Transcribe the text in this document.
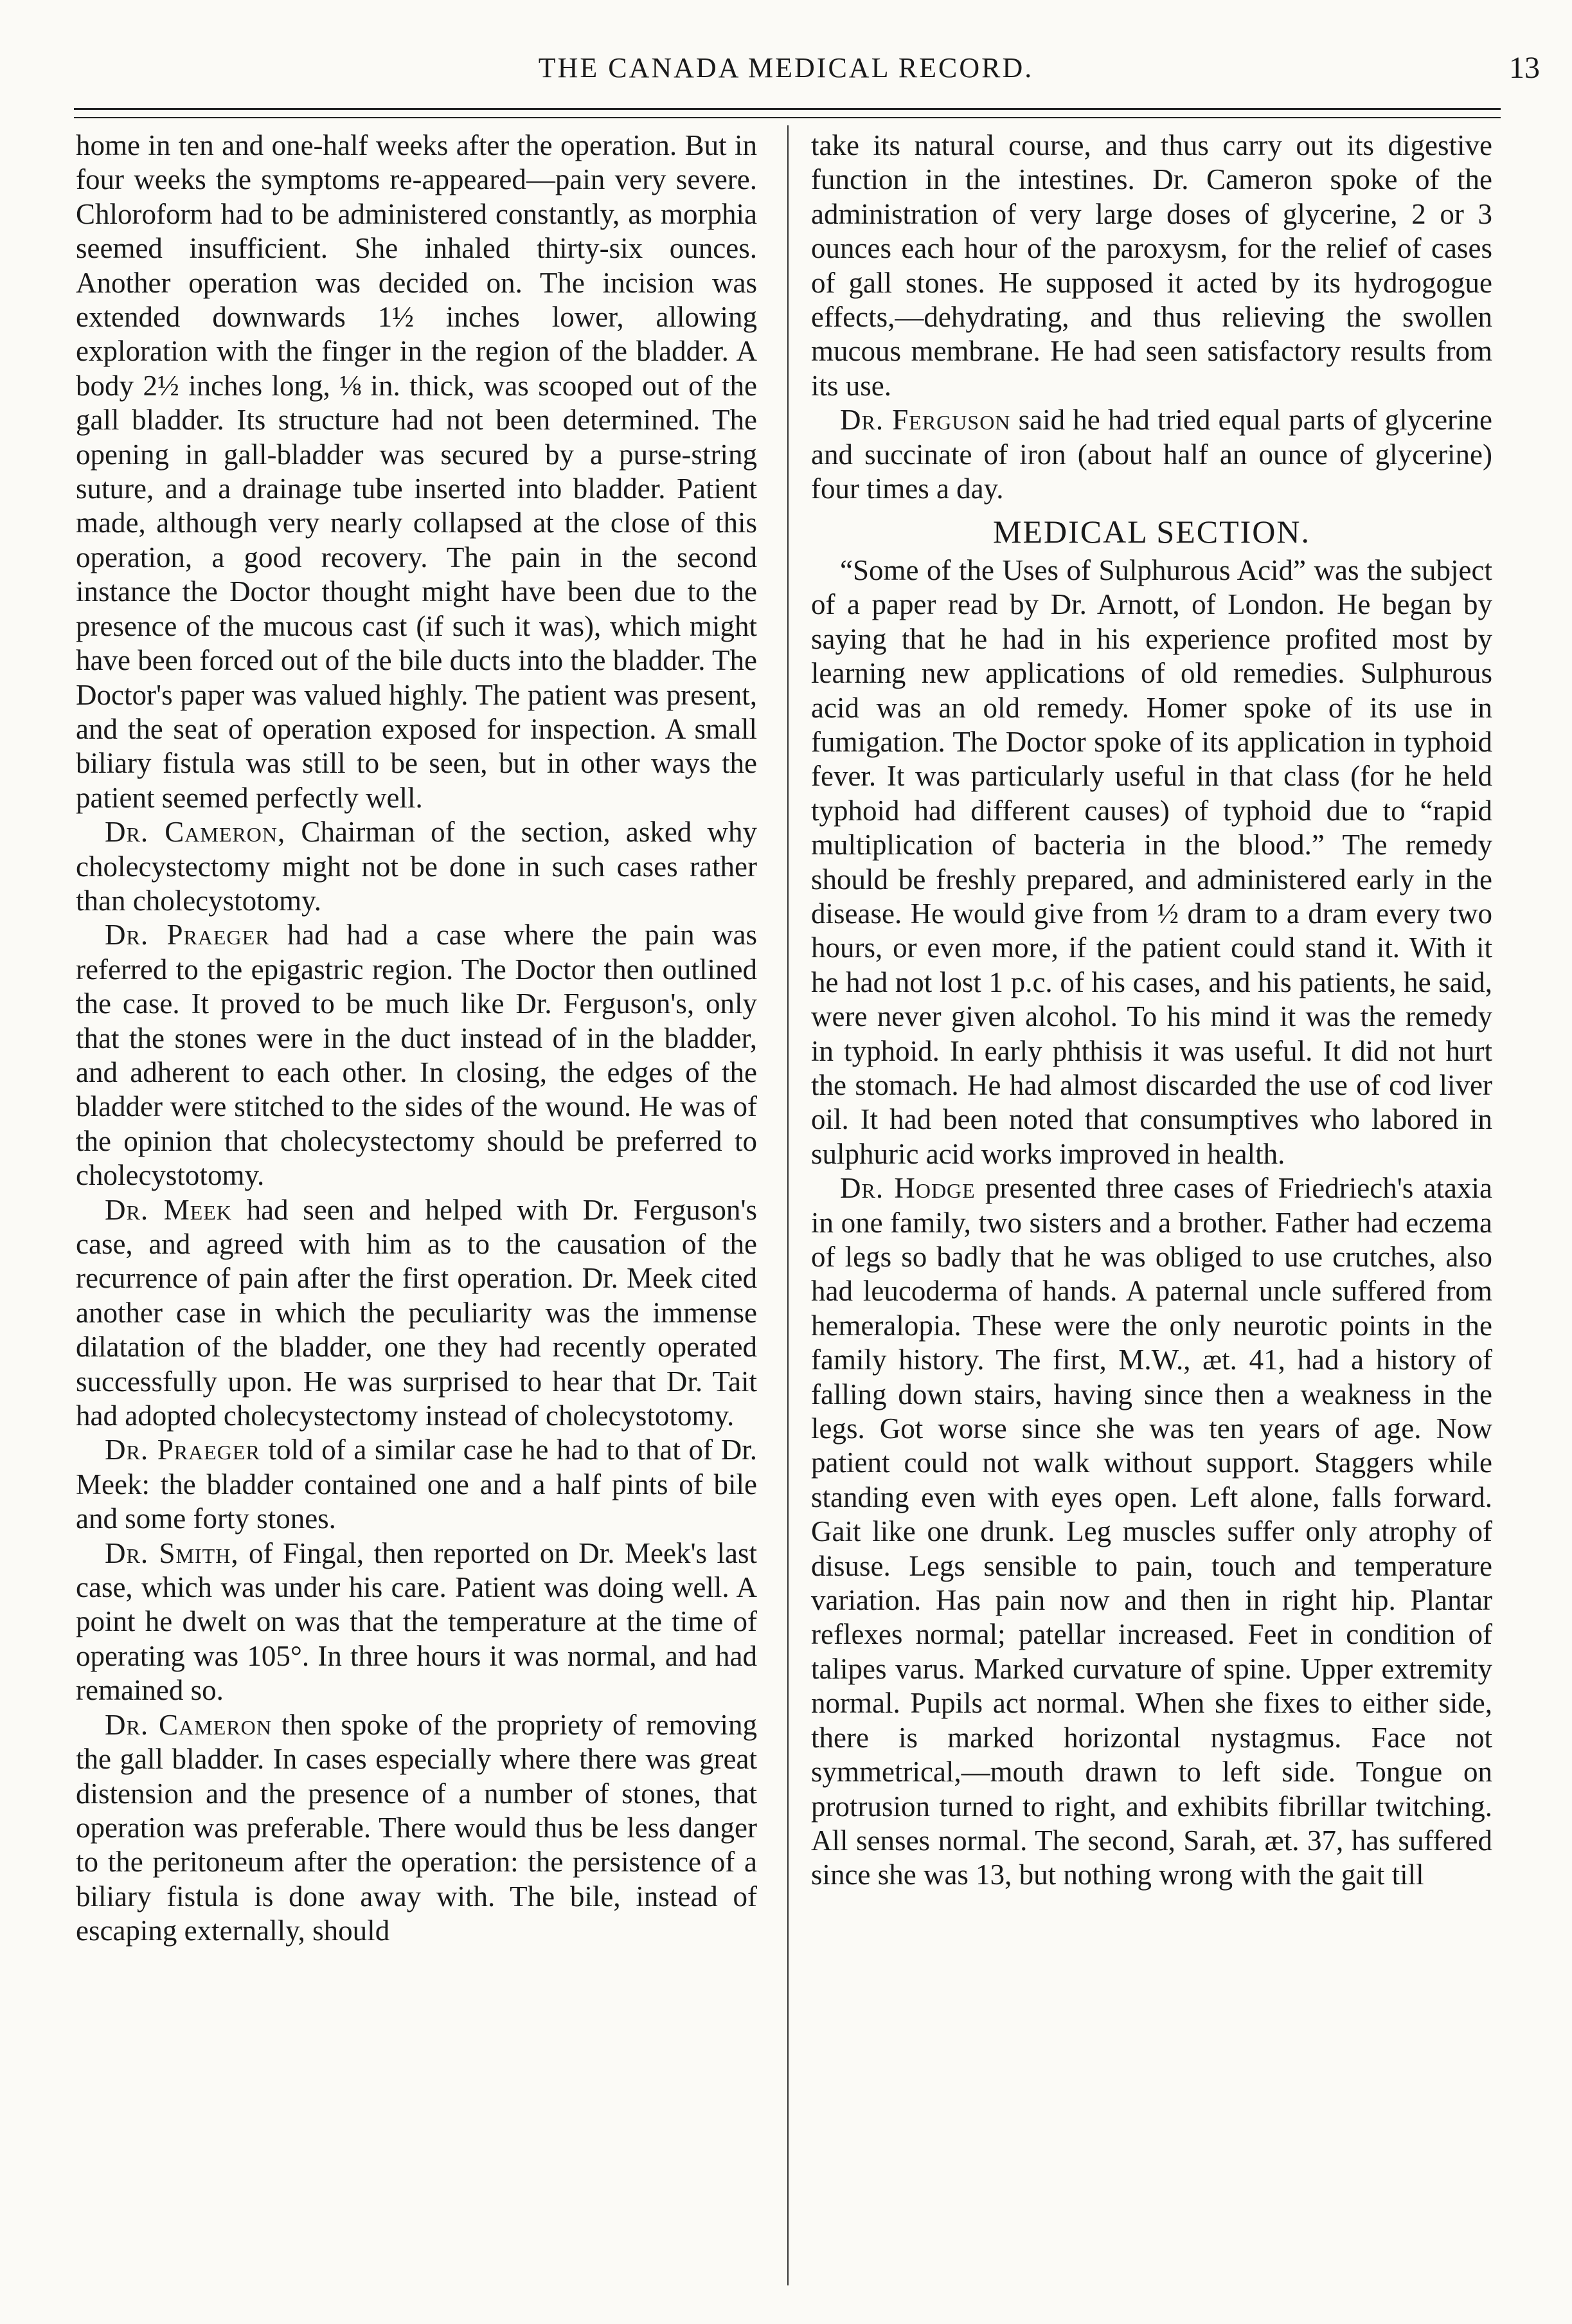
THE CANADA MEDICAL RECORD.	13

home in ten and one-half weeks after the operation. But in four weeks the symptoms re-appeared—pain very severe. Chloroform had to be administered constantly, as morphia seemed insufficient. She inhaled thirty-six ounces. Another operation was decided on. The incision was extended downwards 1½ inches lower, allowing exploration with the finger in the region of the bladder. A body 2½ inches long, ⅛ in. thick, was scooped out of the gall bladder. Its structure had not been determined. The opening in gall-bladder was secured by a purse-string suture, and a drainage tube inserted into bladder. Patient made, although very nearly collapsed at the close of this operation, a good recovery. The pain in the second instance the Doctor thought might have been due to the presence of the mucous cast (if such it was), which might have been forced out of the bile ducts into the bladder. The Doctor's paper was valued highly. The patient was present, and the seat of operation exposed for inspection. A small biliary fistula was still to be seen, but in other ways the patient seemed perfectly well.

Dr. Cameron, Chairman of the section, asked why cholecystectomy might not be done in such cases rather than cholecystotomy.

Dr. Praeger had had a case where the pain was referred to the epigastric region. The Doctor then outlined the case. It proved to be much like Dr. Ferguson's, only that the stones were in the duct instead of in the bladder, and adherent to each other. In closing, the edges of the bladder were stitched to the sides of the wound. He was of the opinion that cholecystectomy should be preferred to cholecystotomy.

Dr. Meek had seen and helped with Dr. Ferguson's case, and agreed with him as to the causation of the recurrence of pain after the first operation. Dr. Meek cited another case in which the peculiarity was the immense dilatation of the bladder, one they had recently operated successfully upon. He was surprised to hear that Dr. Tait had adopted cholecystectomy instead of cholecystotomy.

Dr. Praeger told of a similar case he had to that of Dr. Meek: the bladder contained one and a half pints of bile and some forty stones.

Dr. Smith, of Fingal, then reported on Dr. Meek's last case, which was under his care. Patient was doing well. A point he dwelt on was that the temperature at the time of operating was 105°. In three hours it was normal, and had remained so.

Dr. Cameron then spoke of the propriety of removing the gall bladder. In cases especially where there was great distension and the presence of a number of stones, that operation was preferable. There would thus be less danger to the peritoneum after the operation: the persistence of a biliary fistula is done away with. The bile, instead of escaping externally, should

take its natural course, and thus carry out its digestive function in the intestines. Dr. Cameron spoke of the administration of very large doses of glycerine, 2 or 3 ounces each hour of the paroxysm, for the relief of cases of gall stones. He supposed it acted by its hydrogogue effects,—dehydrating, and thus relieving the swollen mucous membrane. He had seen satisfactory results from its use.

Dr. Ferguson said he had tried equal parts of glycerine and succinate of iron (about half an ounce of glycerine) four times a day.

MEDICAL SECTION.

“Some of the Uses of Sulphurous Acid” was the subject of a paper read by Dr. Arnott, of London. He began by saying that he had in his experience profited most by learning new applications of old remedies. Sulphurous acid was an old remedy. Homer spoke of its use in fumigation. The Doctor spoke of its application in typhoid fever. It was particularly useful in that class (for he held typhoid had different causes) of typhoid due to “rapid multiplication of bacteria in the blood.” The remedy should be freshly prepared, and administered early in the disease. He would give from ½ dram to a dram every two hours, or even more, if the patient could stand it. With it he had not lost 1 p.c. of his cases, and his patients, he said, were never given alcohol. To his mind it was the remedy in typhoid. In early phthisis it was useful. It did not hurt the stomach. He had almost discarded the use of cod liver oil. It had been noted that consumptives who labored in sulphuric acid works improved in health.

Dr. Hodge presented three cases of Friedriech's ataxia in one family, two sisters and a brother. Father had eczema of legs so badly that he was obliged to use crutches, also had leucoderma of hands. A paternal uncle suffered from hemeralopia. These were the only neurotic points in the family history. The first, M.W., æt. 41, had a history of falling down stairs, having since then a weakness in the legs. Got worse since she was ten years of age. Now patient could not walk without support. Staggers while standing even with eyes open. Left alone, falls forward. Gait like one drunk. Leg muscles suffer only atrophy of disuse. Legs sensible to pain, touch and temperature variation. Has pain now and then in right hip. Plantar reflexes normal; patellar increased. Feet in condition of talipes varus. Marked curvature of spine. Upper extremity normal. Pupils act normal. When she fixes to either side, there is marked horizontal nystagmus. Face not symmetrical,—mouth drawn to left side. Tongue on protrusion turned to right, and exhibits fibrillar twitching. All senses normal. The second, Sarah, æt. 37, has suffered since she was 13, but nothing wrong with the gait till
